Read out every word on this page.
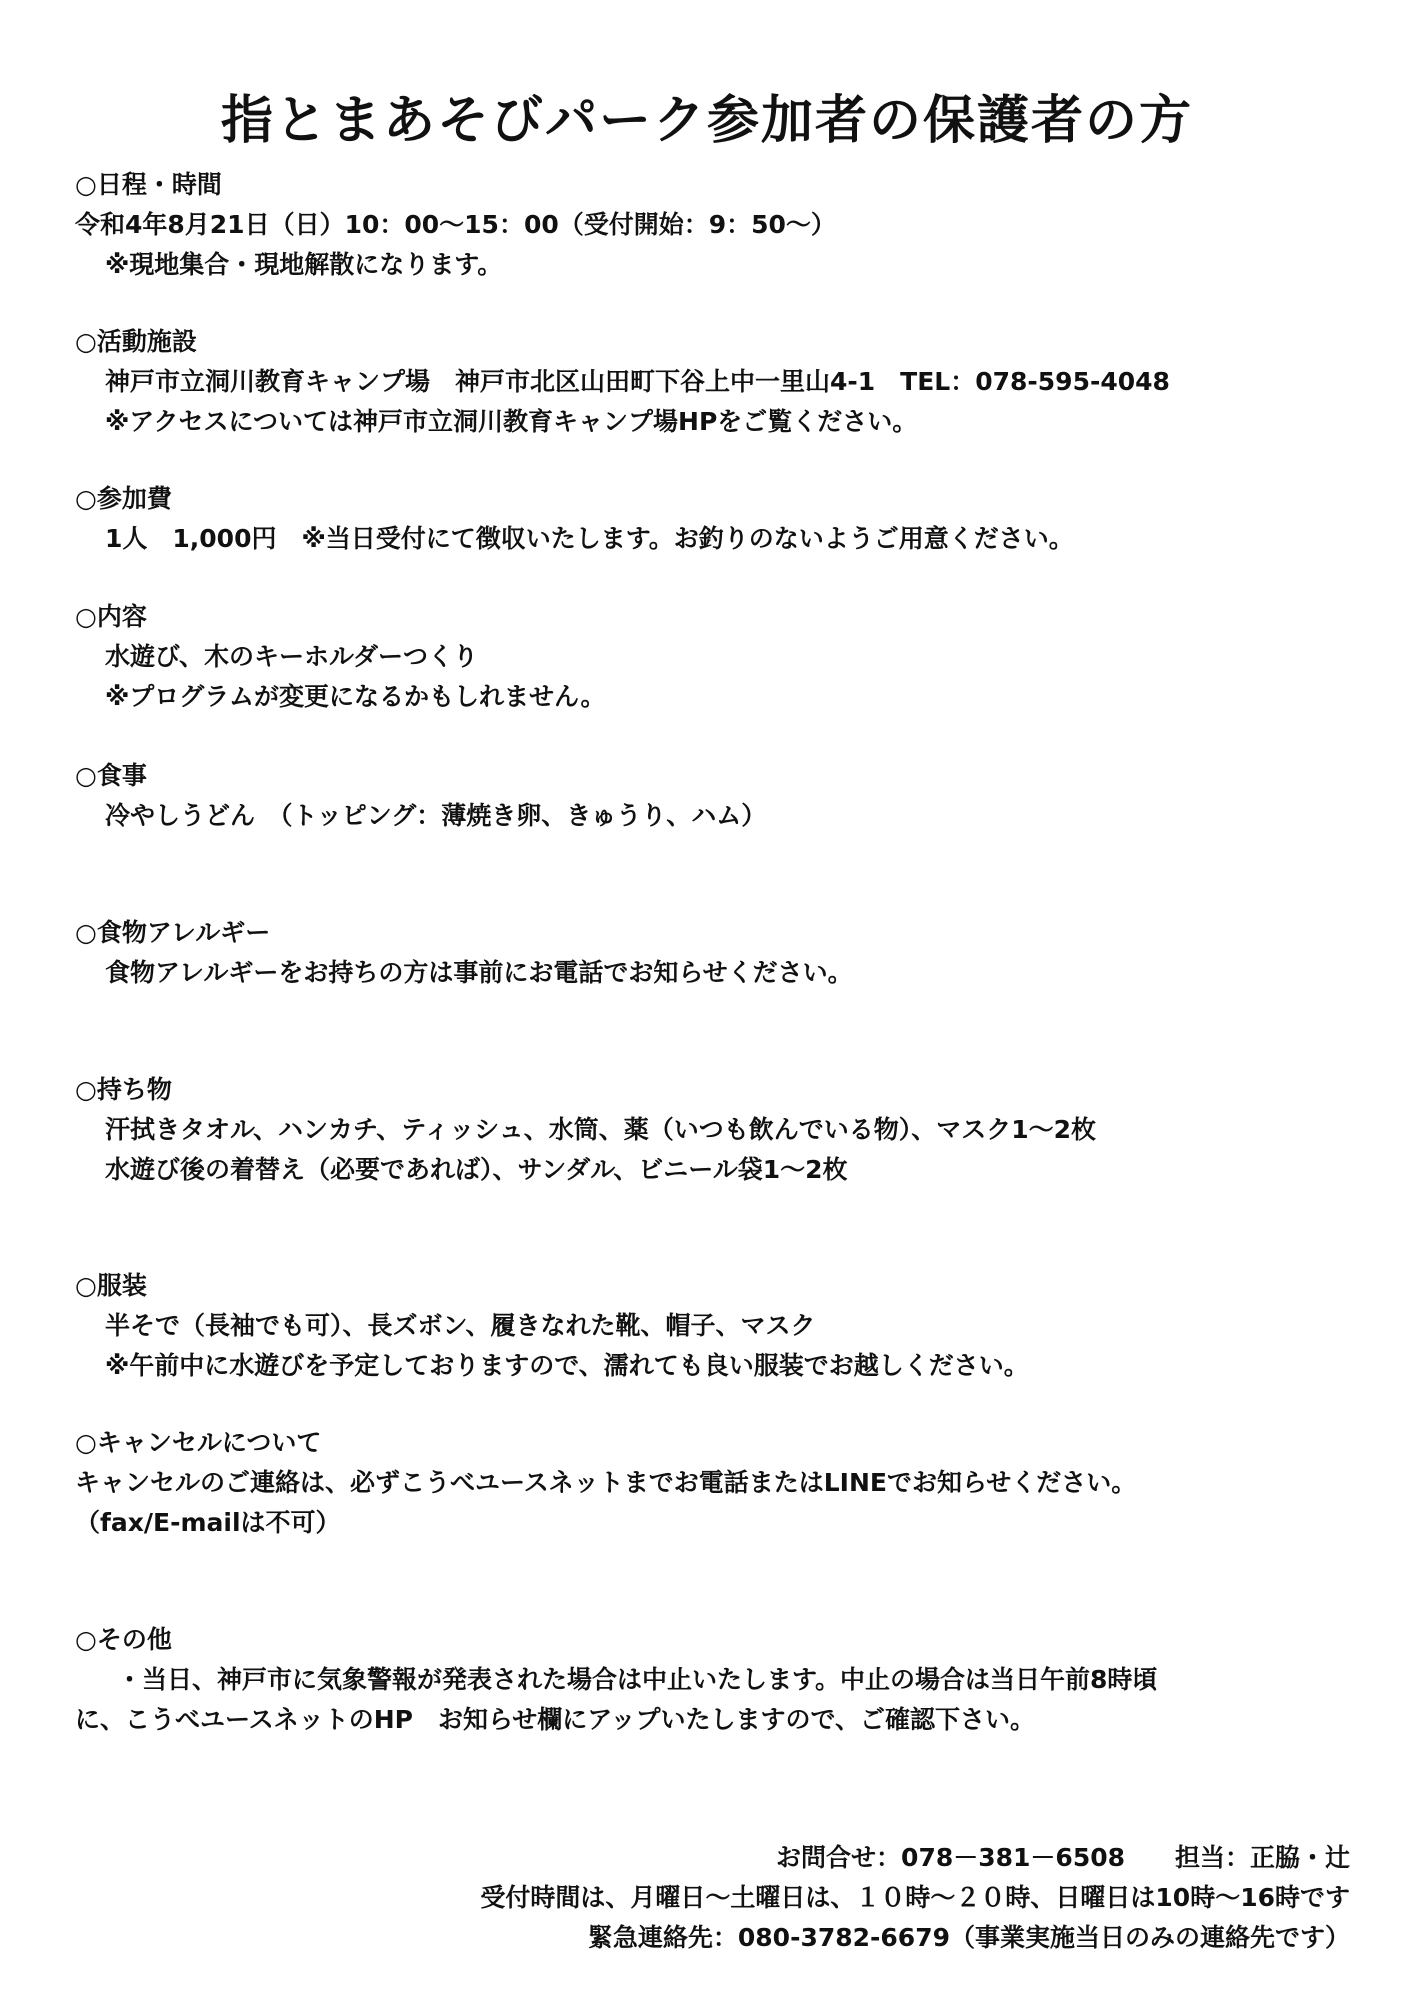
指とまあそびパーク参加者の保護者の方
○日程・時間
令和4年8月21日（日）10：00〜15：00（受付開始：9：50〜）
※現地集合・現地解散になります。
○活動施設
神戸市立洞川教育キャンプ場　神戸市北区山田町下谷上中一里山4-1　TEL：078-595-4048
※アクセスについては神戸市立洞川教育キャンプ場HPをご覧ください。
○参加費
1人　1,000円　※当日受付にて徴収いたします。お釣りのないようご用意ください。
○内容
水遊び、木のキーホルダーつくり
※プログラムが変更になるかもしれません。
○食事
冷やしうどん　（トッピング：薄焼き卵、きゅうり、ハム）
○食物アレルギー
食物アレルギーをお持ちの方は事前にお電話でお知らせください。
○持ち物
汗拭きタオル、ハンカチ、ティッシュ、水筒、薬（いつも飲んでいる物）、マスク1〜2枚
水遊び後の着替え（必要であれば）、サンダル、ビニール袋1〜2枚
○服装
半そで（長袖でも可）、長ズボン、履きなれた靴、帽子、マスク
※午前中に水遊びを予定しておりますので、濡れても良い服装でお越しください。
○キャンセルについて
キャンセルのご連絡は、必ずこうべユースネットまでお電話またはLINEでお知らせください。
（fax/E-mailは不可）
○その他
・当日、神戸市に気象警報が発表された場合は中止いたします。中止の場合は当日午前8時頃
に、こうべユースネットのHP　お知らせ欄にアップいたしますので、ご確認下さい。
お問合せ：078－381－6508　　担当：正脇・辻
受付時間は、月曜日〜土曜日は、１０時〜２０時、日曜日は10時〜16時です
緊急連絡先：080-3782-6679（事業実施当日のみの連絡先です）
